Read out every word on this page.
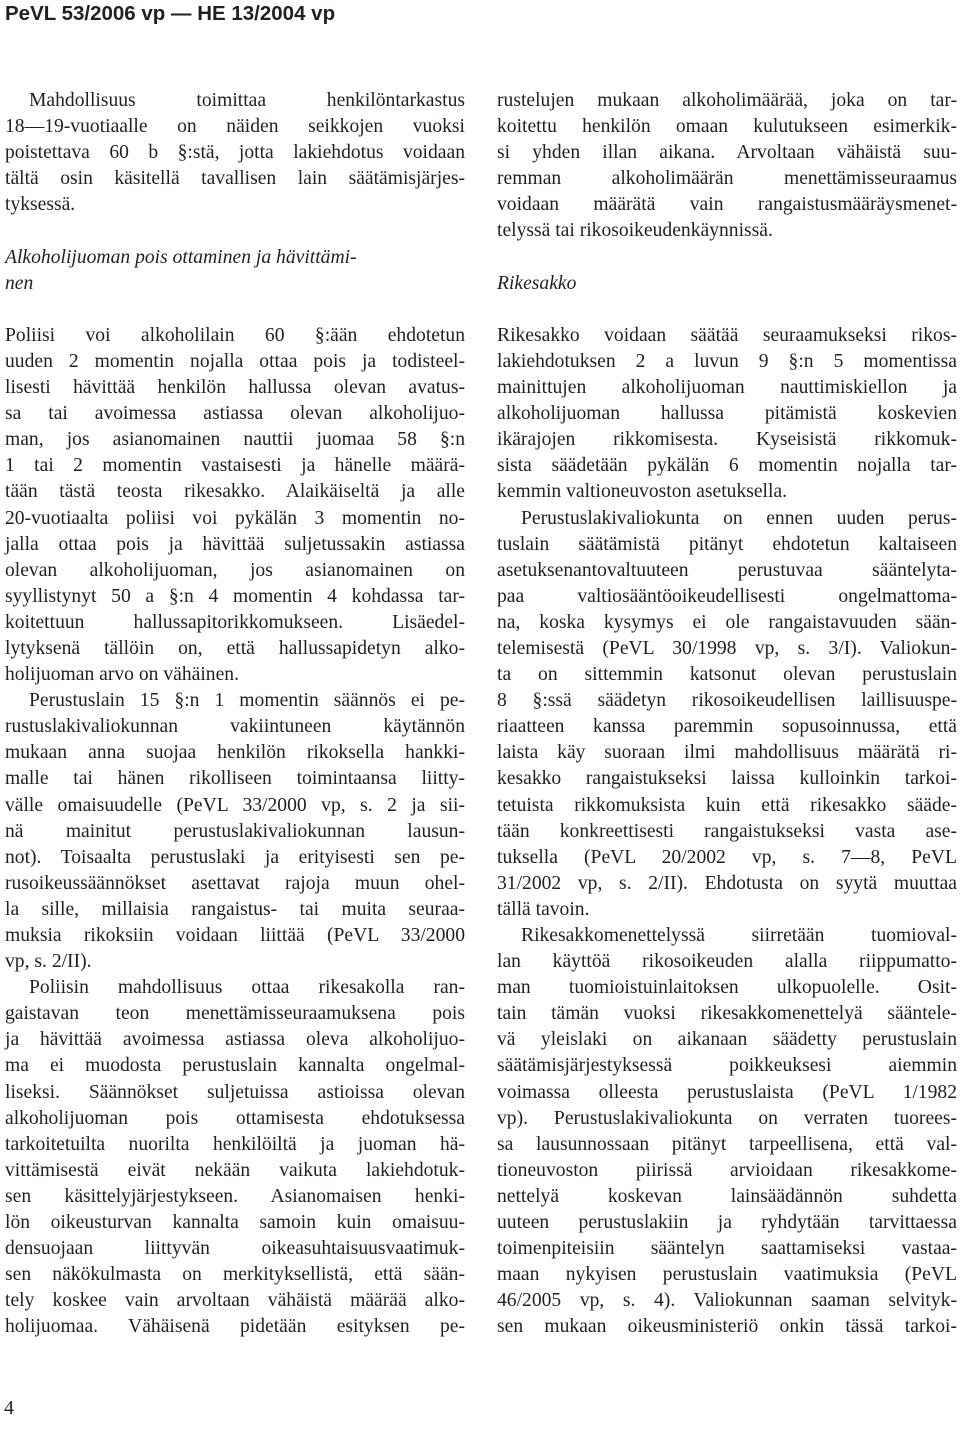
PeVL 53/2006 vp — HE 13/2004 vp
Mahdollisuus toimittaa henkilöntarkastus
18—19-vuotiaalle on näiden seikkojen vuoksi
poistettava 60 b §:stä, jotta lakiehdotus voidaan
tältä osin käsitellä tavallisen lain säätämisjärjes-
tyksessä.
Alkoholijuoman pois ottaminen ja hävittämi-
nen
Poliisi voi alkoholilain 60 §:ään ehdotetun
uuden 2 momentin nojalla ottaa pois ja todisteel-
lisesti hävittää henkilön hallussa olevan avatus-
sa tai avoimessa astiassa olevan alkoholijuo-
man, jos asianomainen nauttii juomaa 58 §:n
1 tai 2 momentin vastaisesti ja hänelle määrä-
tään tästä teosta rikesakko. Alaikäiseltä ja alle
20-vuotiaalta poliisi voi pykälän 3 momentin no-
jalla ottaa pois ja hävittää suljetussakin astiassa
olevan alkoholijuoman, jos asianomainen on
syyllistynyt 50 a §:n 4 momentin 4 kohdassa tar-
koitettuun hallussapitorikkomukseen. Lisäedel-
lytyksenä tällöin on, että hallussapidetyn alko-
holijuoman arvo on vähäinen.
Perustuslain 15 §:n 1 momentin säännös ei pe-
rustuslakivaliokunnan vakiintuneen käytännön
mukaan anna suojaa henkilön rikoksella hankki-
malle tai hänen rikolliseen toimintaansa liitty-
välle omaisuudelle (PeVL 33/2000 vp, s. 2 ja sii-
nä mainitut perustuslakivaliokunnan lausun-
not). Toisaalta perustuslaki ja erityisesti sen pe-
rusoikeussäännökset asettavat rajoja muun ohel-
la sille, millaisia rangaistus- tai muita seuraa-
muksia rikoksiin voidaan liittää (PeVL 33/2000
vp, s. 2/II).
Poliisin mahdollisuus ottaa rikesakolla ran-
gaistavan teon menettämisseuraamuksena pois
ja hävittää avoimessa astiassa oleva alkoholijuo-
ma ei muodosta perustuslain kannalta ongelmal-
liseksi. Säännökset suljetuissa astioissa olevan
alkoholijuoman pois ottamisesta ehdotuksessa
tarkoitetuilta nuorilta henkilöiltä ja juoman hä-
vittämisestä eivät nekään vaikuta lakiehdotuk-
sen käsittelyjärjestykseen. Asianomaisen henki-
lön oikeusturvan kannalta samoin kuin omaisuu-
densuojaan liittyvän oikeasuhtaisuusvaatimuk-
sen näkökulmasta on merkityksellistä, että sään-
tely koskee vain arvoltaan vähäistä määrää alko-
holijuomaa. Vähäisenä pidetään esityksen pe-
rustelujen mukaan alkoholimäärää, joka on tar-
koitettu henkilön omaan kulutukseen esimerkik-
si yhden illan aikana. Arvoltaan vähäistä suu-
remman alkoholimäärän menettämisseuraamus
voidaan määrätä vain rangaistusmääräysmenet-
telyssä tai rikosoikeudenkäynnissä.
Rikesakko
Rikesakko voidaan säätää seuraamukseksi rikos-
lakiehdotuksen 2 a luvun 9 §:n 5 momentissa
mainittujen alkoholijuoman nauttimiskiellon ja
alkoholijuoman hallussa pitämistä koskevien
ikärajojen rikkomisesta. Kyseisistä rikkomuk-
sista säädetään pykälän 6 momentin nojalla tar-
kemmin valtioneuvoston asetuksella.
Perustuslakivaliokunta on ennen uuden perus-
tuslain säätämistä pitänyt ehdotetun kaltaiseen
asetuksenantovaltuuteen perustuvaa sääntelyta-
paa valtiosääntöoikeudellisesti ongelmattoma-
na, koska kysymys ei ole rangaistavuuden sään-
telemisestä (PeVL 30/1998 vp, s. 3/I). Valiokun-
ta on sittemmin katsonut olevan perustuslain
8 §:ssä säädetyn rikosoikeudellisen laillisuuspe-
riaatteen kanssa paremmin sopusoinnussa, että
laista käy suoraan ilmi mahdollisuus määrätä ri-
kesakko rangaistukseksi laissa kulloinkin tarkoi-
tetuista rikkomuksista kuin että rikesakko sääde-
tään konkreettisesti rangaistukseksi vasta ase-
tuksella (PeVL 20/2002 vp, s. 7—8, PeVL
31/2002 vp, s. 2/II). Ehdotusta on syytä muuttaa
tällä tavoin.
Rikesakkomenettelyssä siirretään tuomioval-
lan käyttöä rikosoikeuden alalla riippumatto-
man tuomioistuinlaitoksen ulkopuolelle. Osit-
tain tämän vuoksi rikesakkomenettelyä sääntele-
vä yleislaki on aikanaan säädetty perustuslain
säätämisjärjestyksessä poikkeuksesi aiemmin
voimassa olleesta perustuslaista (PeVL 1/1982
vp). Perustuslakivaliokunta on verraten tuorees-
sa lausunnossaan pitänyt tarpeellisena, että val-
tioneuvoston piirissä arvioidaan rikesakkome-
nettelyä koskevan lainsäädännön suhdetta
uuteen perustuslakiin ja ryhdytään tarvittaessa
toimenpiteisiin sääntelyn saattamiseksi vastaa-
maan nykyisen perustuslain vaatimuksia (PeVL
46/2005 vp, s. 4). Valiokunnan saaman selvityk-
sen mukaan oikeusministeriö onkin tässä tarkoi-
4
